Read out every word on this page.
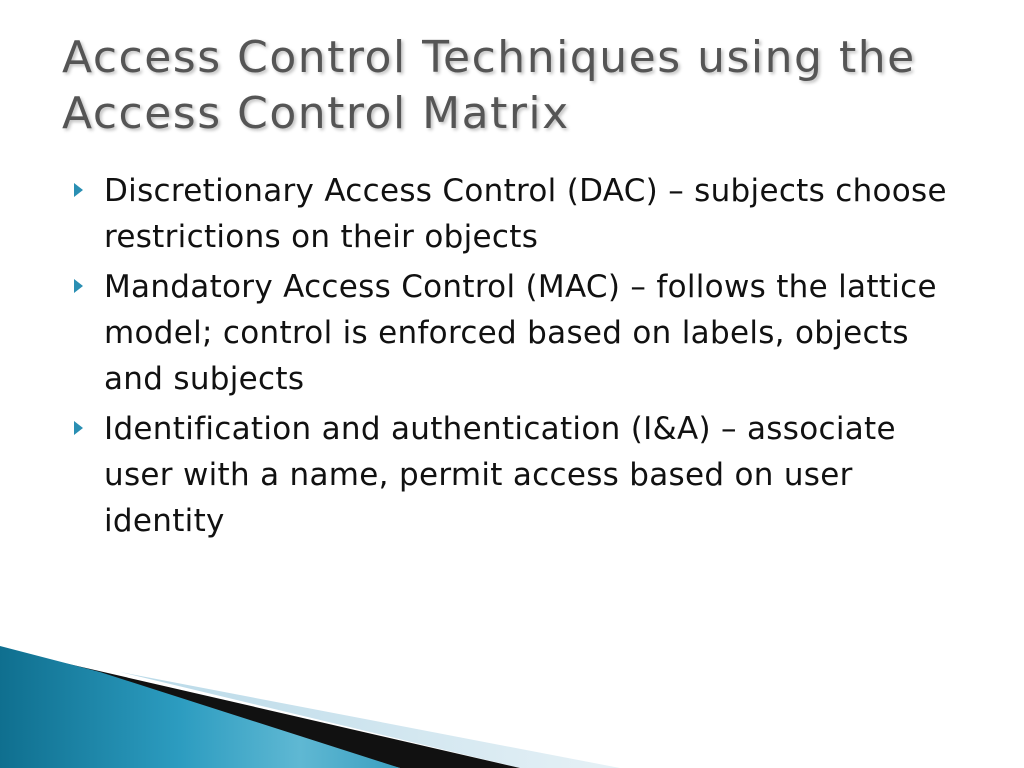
Access Control Techniques using the Access Control Matrix
Discretionary Access Control (DAC) – subjects choose restrictions on their objects
Mandatory Access Control (MAC) – follows the lattice model; control is enforced based on labels, objects and subjects
Identification and authentication (I&A) – associate user with a name, permit access based on user identity
